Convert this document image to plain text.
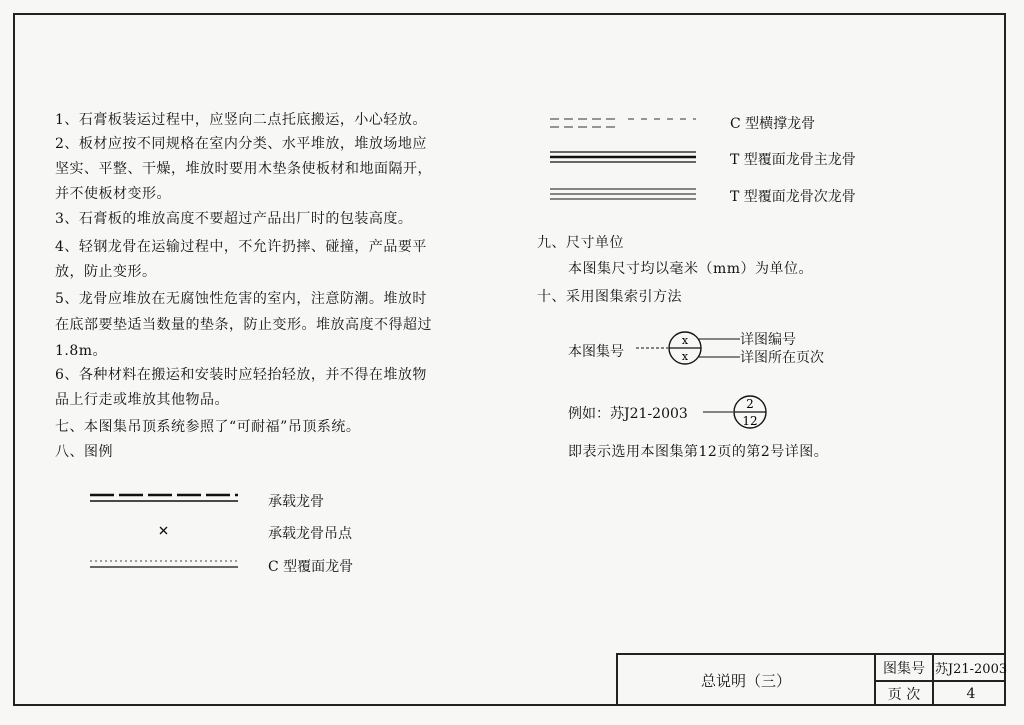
1、石膏板装运过程中，应竖向二点托底搬运，小心轻放。
2、板材应按不同规格在室内分类、水平堆放，堆放场地应
坚实、平整、干燥，堆放时要用木垫条使板材和地面隔开，
并不使板材变形。
3、石膏板的堆放高度不要超过产品出厂时的包装高度。
4、轻钢龙骨在运输过程中，不允许扔摔、碰撞，产品要平
放，防止变形。
5、龙骨应堆放在无腐蚀性危害的室内，注意防潮。堆放时
在底部要垫适当数量的垫条，防止变形。堆放高度不得超过
1.8m。
6、各种材料在搬运和安装时应轻抬轻放，并不得在堆放物
品上行走或堆放其他物品。
七、本图集吊顶系统参照了“可耐福”吊顶系统。
八、图例
承载龙骨
承载龙骨吊点
C 型覆面龙骨
C 型横撑龙骨
T 型覆面龙骨主龙骨
T 型覆面龙骨次龙骨
九、尺寸单位
本图集尺寸均以毫米（mm）为单位。
十、采用图集索引方法
本图集号
x
x
详图编号
详图所在页次
例如：苏J21-2003
2
12
即表示选用本图集第12页的第2号详图。
总说明（三）
图集号 苏J21-2003
页 次	4
